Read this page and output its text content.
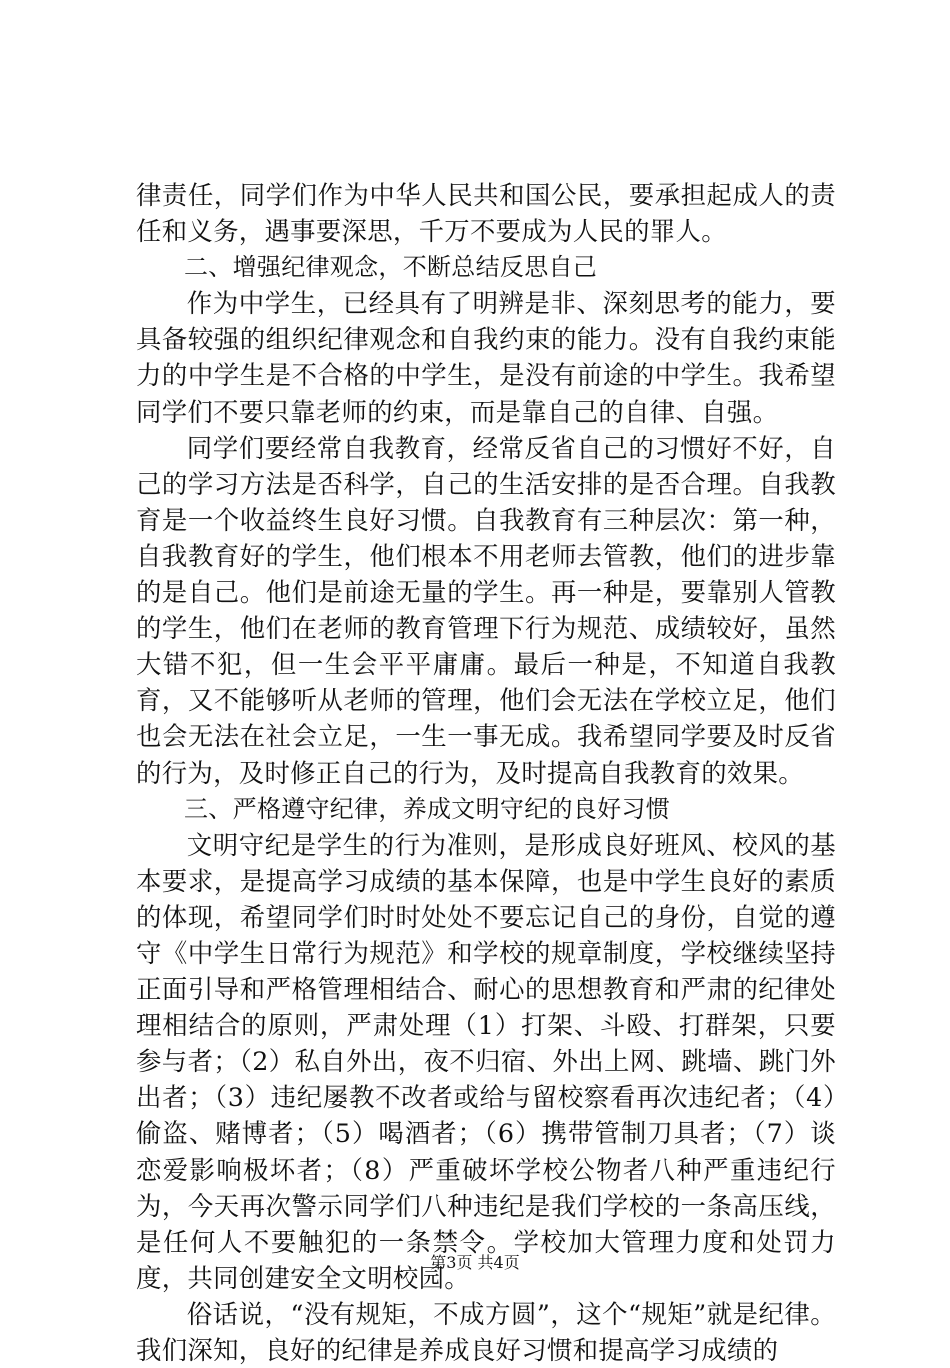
律责任，同学们作为中华人民共和国公民，要承担起成人的责任和义务，遇事要深思，千万不要成为人民的罪人。

二、增强纪律观念，不断总结反思自己

作为中学生，已经具有了明辨是非、深刻思考的能力，要具备较强的组织纪律观念和自我约束的能力。没有自我约束能力的中学生是不合格的中学生，是没有前途的中学生。我希望同学们不要只靠老师的约束，而是靠自己的自律、自强。

同学们要经常自我教育，经常反省自己的习惯好不好，自己的学习方法是否科学，自己的生活安排的是否合理。自我教育是一个收益终生良好习惯。自我教育有三种层次：第一种，自我教育好的学生，他们根本不用老师去管教，他们的进步靠的是自己。他们是前途无量的学生。再一种是，要靠别人管教的学生，他们在老师的教育管理下行为规范、成绩较好，虽然大错不犯，但一生会平平庸庸。最后一种是，不知道自我教育，又不能够听从老师的管理，他们会无法在学校立足，他们也会无法在社会立足，一生一事无成。我希望同学要及时反省的行为，及时修正自己的行为，及时提高自我教育的效果。

三、严格遵守纪律，养成文明守纪的良好习惯

文明守纪是学生的行为准则，是形成良好班风、校风的基本要求，是提高学习成绩的基本保障，也是中学生良好的素质的体现，希望同学们时时处处不要忘记自己的身份，自觉的遵守《中学生日常行为规范》和学校的规章制度，学校继续坚持正面引导和严格管理相结合、耐心的思想教育和严肃的纪律处理相结合的原则，严肃处理（1）打架、斗殴、打群架，只要参与者；（2）私自外出，夜不归宿、外出上网、跳墙、跳门外出者；（3）违纪屡教不改者或给与留校察看再次违纪者；（4）偷盗、赌博者；（5）喝酒者；（6）携带管制刀具者；（7）谈恋爱影响极坏者；（8）严重破坏学校公物者八种严重违纪行为，今天再次警示同学们八种违纪是我们学校的一条高压线，是任何人不要触犯的一条禁令。学校加大管理力度和处罚力度，共同创建安全文明校园。

俗话说，“没有规矩，不成方圆”，这个“规矩”就是纪律。我们深知，良好的纪律是养成良好习惯和提高学习成绩的

第3页 共4页
